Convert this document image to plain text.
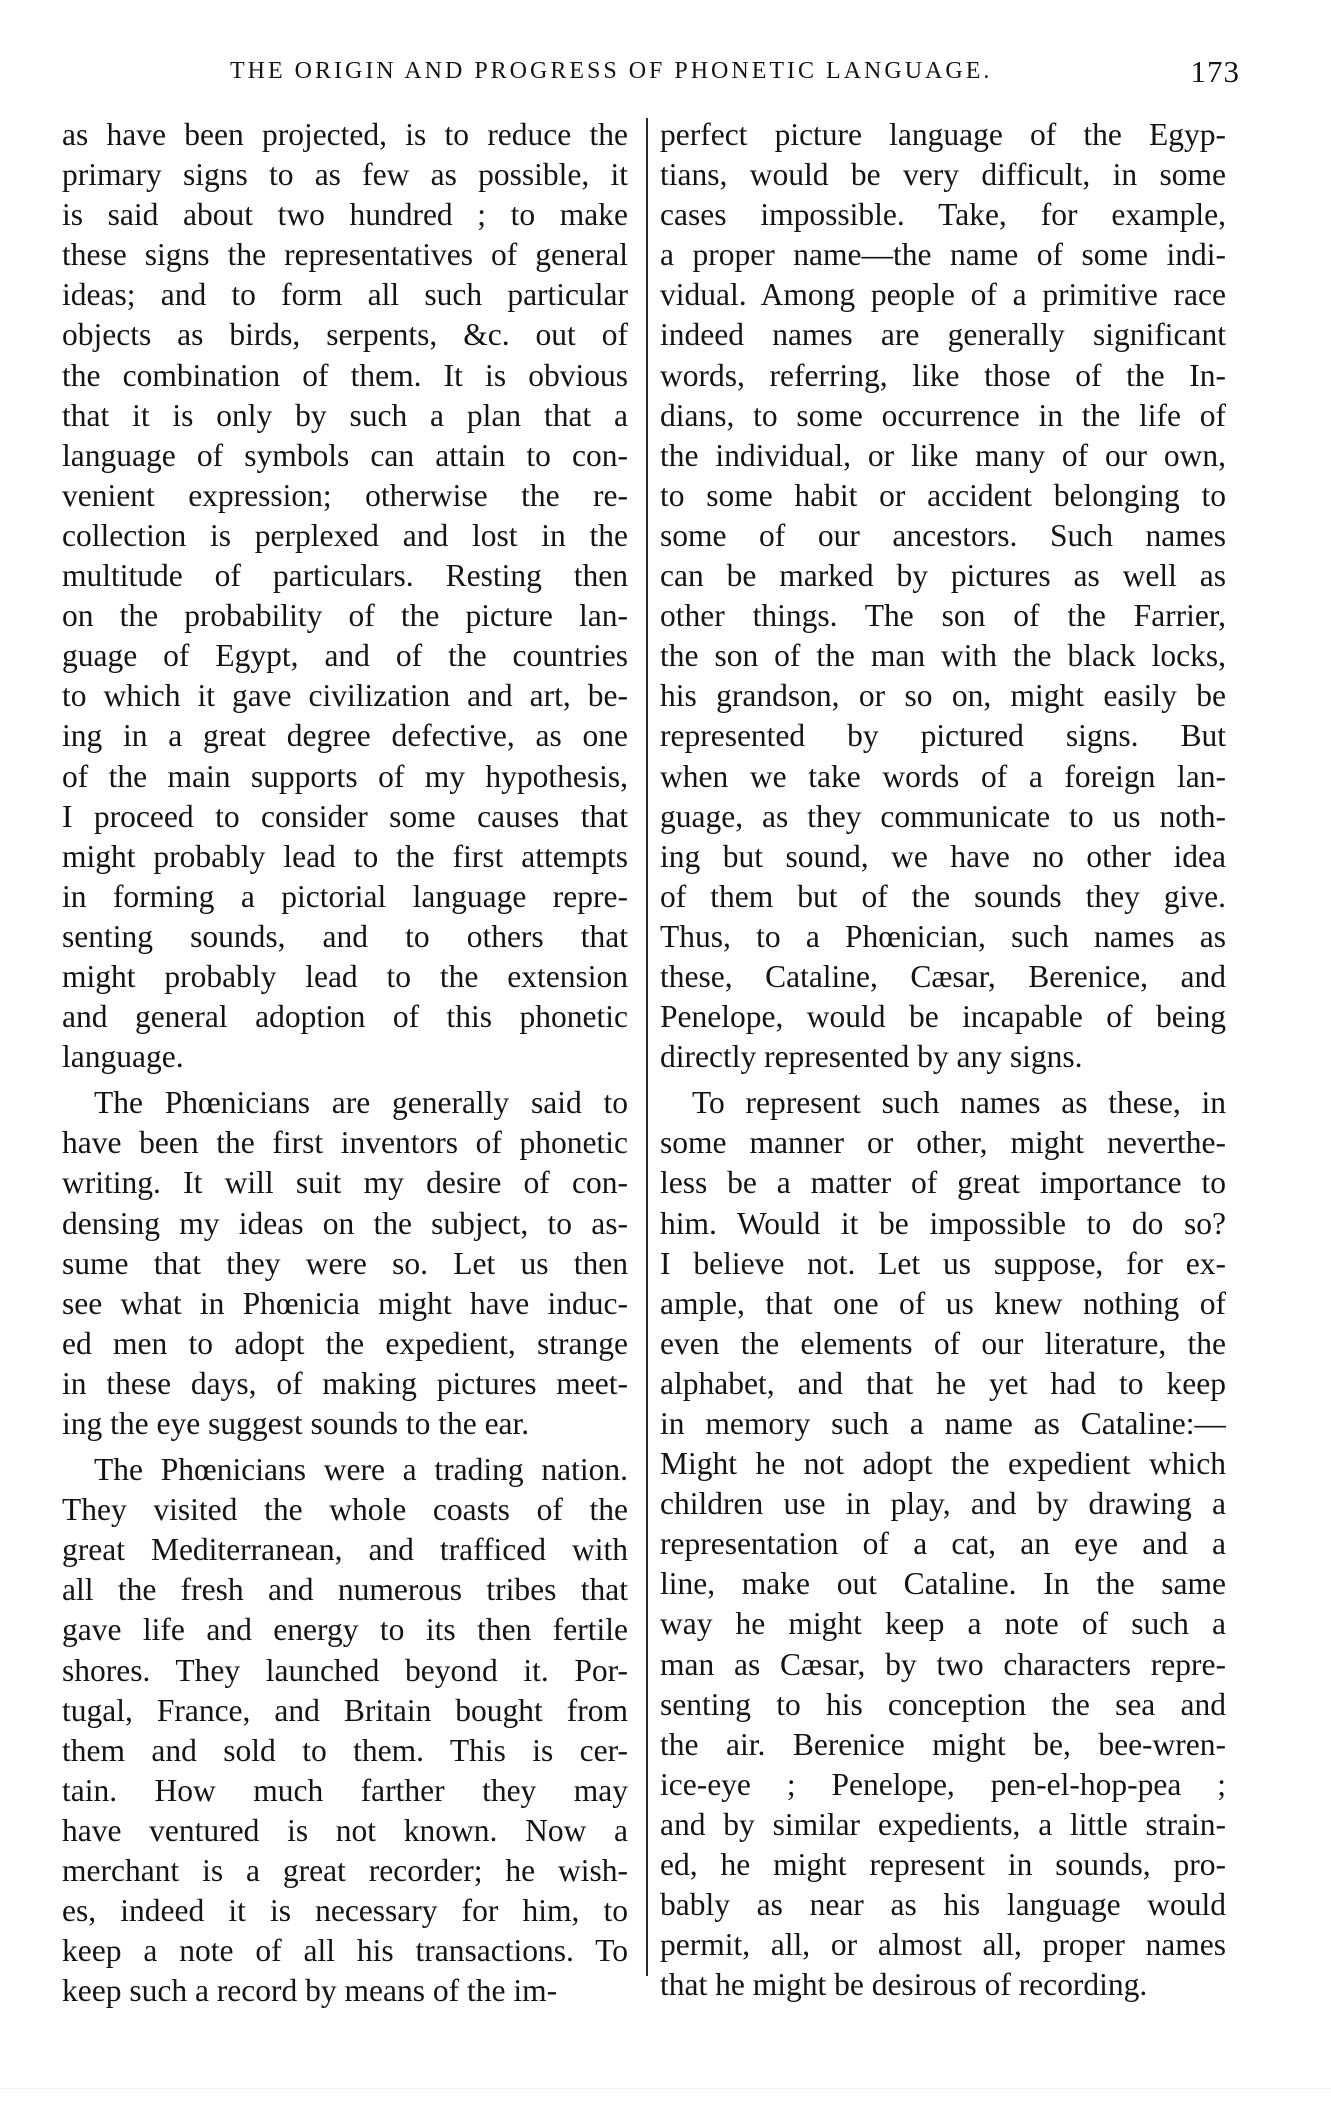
THE ORIGIN AND PROGRESS OF PHONETIC LANGUAGE.	173
as have been projected, is to reduce the
primary signs to as few as possible, it
is said about two hundred ; to make
these signs the representatives of general
ideas; and to form all such particular
objects as birds, serpents, &c. out of
the combination of them. It is obvious
that it is only by such a plan that a
language of symbols can attain to con-
venient expression; otherwise the re-
collection is perplexed and lost in the
multitude of particulars. Resting then
on the probability of the picture lan-
guage of Egypt, and of the countries
to which it gave civilization and art, be-
ing in a great degree defective, as one
of the main supports of my hypothesis,
I proceed to consider some causes that
might probably lead to the first attempts
in forming a pictorial language repre-
senting sounds, and to others that
might probably lead to the extension
and general adoption of this phonetic
language.
The Phœnicians are generally said to
have been the first inventors of phonetic
writing. It will suit my desire of con-
densing my ideas on the subject, to as-
sume that they were so. Let us then
see what in Phœnicia might have induc-
ed men to adopt the expedient, strange
in these days, of making pictures meet-
ing the eye suggest sounds to the ear.
The Phœnicians were a trading nation.
They visited the whole coasts of the
great Mediterranean, and trafficed with
all the fresh and numerous tribes that
gave life and energy to its then fertile
shores. They launched beyond it. Por-
tugal, France, and Britain bought from
them and sold to them. This is cer-
tain. How much farther they may
have ventured is not known. Now a
merchant is a great recorder; he wish-
es, indeed it is necessary for him, to
keep a note of all his transactions. To
keep such a record by means of the im-
perfect picture language of the Egyp-
tians, would be very difficult, in some
cases impossible. Take, for example,
a proper name—the name of some indi-
vidual. Among people of a primitive race
indeed names are generally significant
words, referring, like those of the In-
dians, to some occurrence in the life of
the individual, or like many of our own,
to some habit or accident belonging to
some of our ancestors. Such names
can be marked by pictures as well as
other things. The son of the Farrier,
the son of the man with the black locks,
his grandson, or so on, might easily be
represented by pictured signs. But
when we take words of a foreign lan-
guage, as they communicate to us noth-
ing but sound, we have no other idea
of them but of the sounds they give.
Thus, to a Phœnician, such names as
these, Cataline, Cæsar, Berenice, and
Penelope, would be incapable of being
directly represented by any signs.
To represent such names as these, in
some manner or other, might neverthe-
less be a matter of great importance to
him. Would it be impossible to do so?
I believe not. Let us suppose, for ex-
ample, that one of us knew nothing of
even the elements of our literature, the
alphabet, and that he yet had to keep
in memory such a name as Cataline:—
Might he not adopt the expedient which
children use in play, and by drawing a
representation of a cat, an eye and a
line, make out Cataline. In the same
way he might keep a note of such a
man as Cæsar, by two characters repre-
senting to his conception the sea and
the air. Berenice might be, bee-wren-
ice-eye ; Penelope, pen-el-hop-pea ;
and by similar expedients, a little strain-
ed, he might represent in sounds, pro-
bably as near as his language would
permit, all, or almost all, proper names
that he might be desirous of recording.
